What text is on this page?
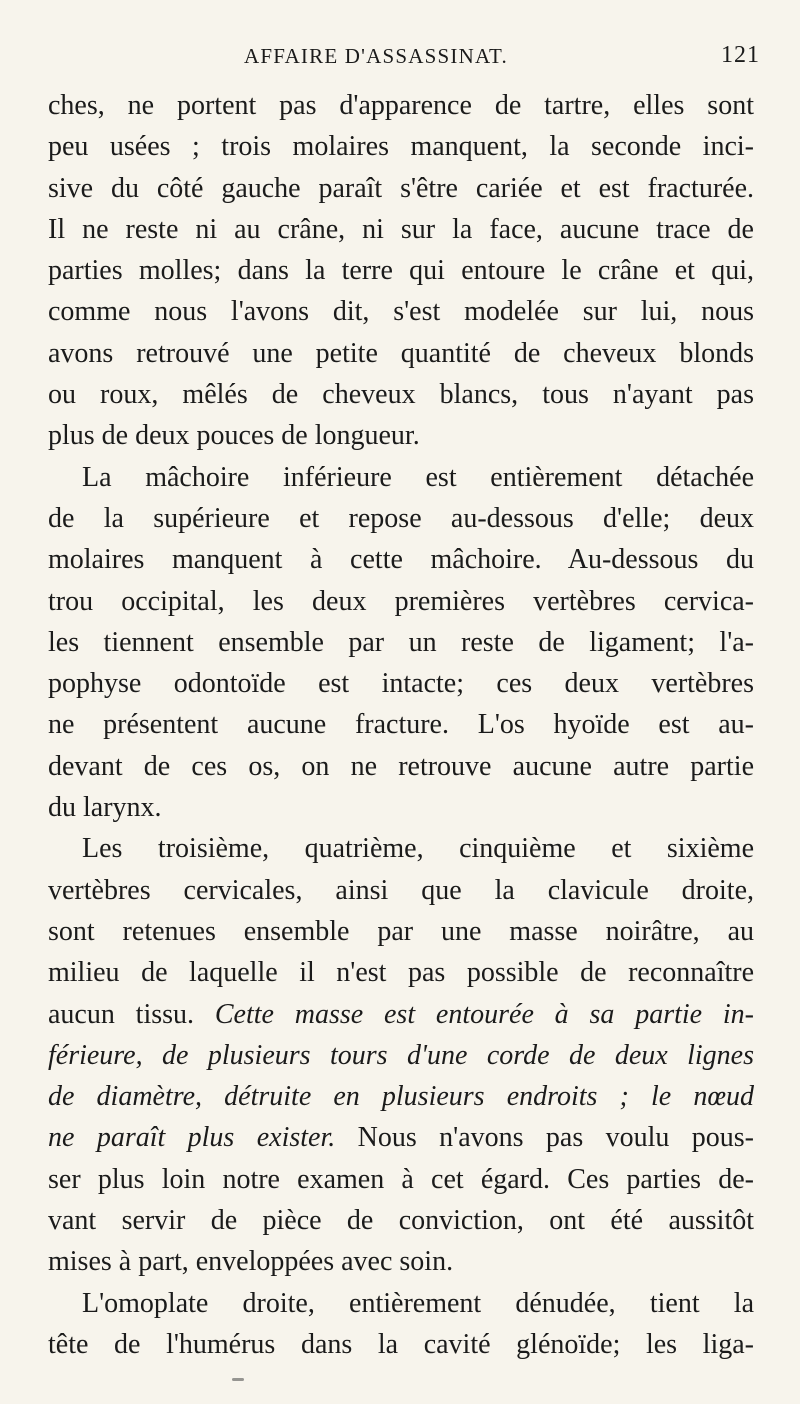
AFFAIRE D'ASSASSINAT.	121
ches, ne portent pas d'apparence de tartre, elles sont
peu usées ; trois molaires manquent, la seconde inci-
sive du côté gauche paraît s'être cariée et est fracturée.
Il ne reste ni au crâne, ni sur la face, aucune trace de
parties molles; dans la terre qui entoure le crâne et qui,
comme nous l'avons dit, s'est modelée sur lui, nous
avons retrouvé une petite quantité de cheveux blonds
ou roux, mêlés de cheveux blancs, tous n'ayant pas
plus de deux pouces de longueur.
La mâchoire inférieure est entièrement détachée
de la supérieure et repose au-dessous d'elle; deux
molaires manquent à cette mâchoire. Au-dessous du
trou occipital, les deux premières vertèbres cervica-
les tiennent ensemble par un reste de ligament; l'a-
pophyse odontoïde est intacte; ces deux vertèbres
ne présentent aucune fracture. L'os hyoïde est au-
devant de ces os, on ne retrouve aucune autre partie
du larynx.
Les troisième, quatrième, cinquième et sixième
vertèbres cervicales, ainsi que la clavicule droite,
sont retenues ensemble par une masse noirâtre, au
milieu de laquelle il n'est pas possible de reconnaître
aucun tissu. Cette masse est entourée à sa partie in-
férieure, de plusieurs tours d'une corde de deux lignes
de diamètre, détruite en plusieurs endroits ; le nœud
ne paraît plus exister. Nous n'avons pas voulu pous-
ser plus loin notre examen à cet égard. Ces parties de-
vant servir de pièce de conviction, ont été aussitôt
mises à part, enveloppées avec soin.
L'omoplate droite, entièrement dénudée, tient la
tête de l'humérus dans la cavité glénoïde; les liga-
